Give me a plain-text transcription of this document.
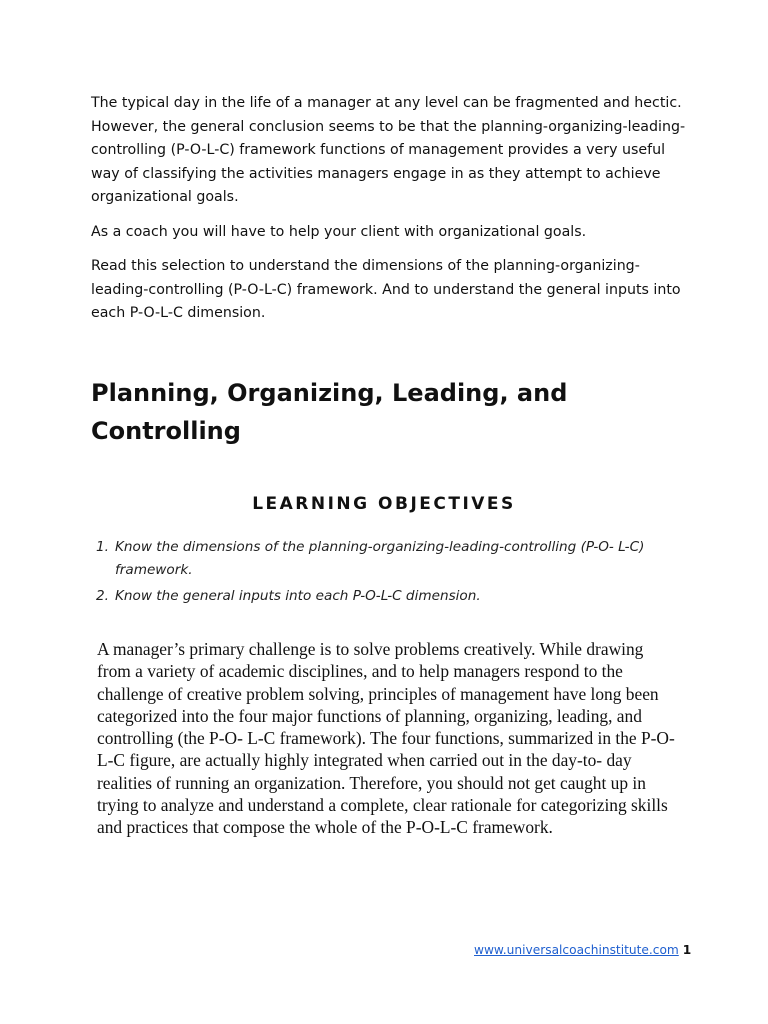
The typical day in the life of a manager at any level can be fragmented and hectic. However, the general conclusion seems to be that the planning-organizing-leading-controlling (P-O-L-C) framework functions of management provides a very useful way of classifying the activities managers engage in as they attempt to achieve organizational goals.

As a coach you will have to help your client with organizational goals.

Read this selection to understand the dimensions of the planning-organizing-leading-controlling (P-O-L-C) framework. And to understand the general inputs into each P-O-L-C dimension.

Planning, Organizing, Leading, and Controlling
LEARNING OBJECTIVES
1. Know the dimensions of the planning-organizing-leading-controlling (P-O- L-C) framework.
2. Know the general inputs into each P-O-L-C dimension.

A manager’s primary challenge is to solve problems creatively. While drawing from a variety of academic disciplines, and to help managers respond to the challenge of creative problem solving, principles of management have long been categorized into the four major functions of planning, organizing, leading, and controlling (the P-O- L-C framework). The four functions, summarized in the P-O-L-C figure, are actually highly integrated when carried out in the day-to- day realities of running an organization. Therefore, you should not get caught up in trying to analyze and understand a complete, clear rationale for categorizing skills and practices that compose the whole of the P-O-L-C framework.

www.universalcoachinstitute.com 1
